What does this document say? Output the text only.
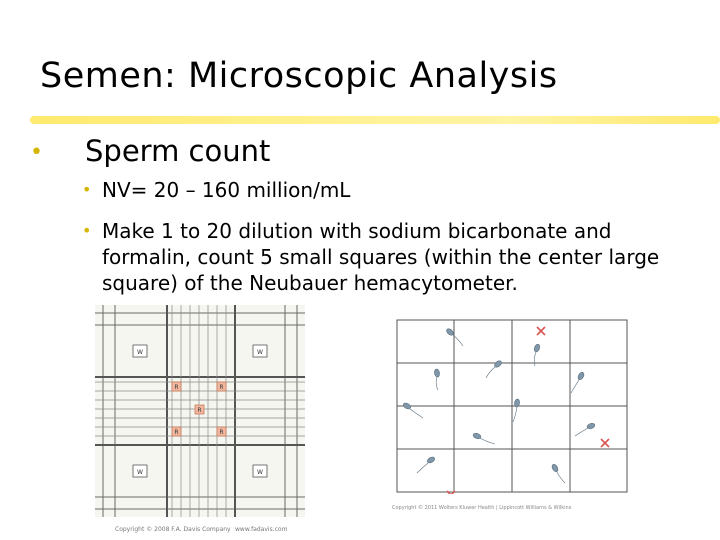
Semen: Microscopic Analysis
• Sperm count
• NV= 20 – 160 million/mL
• Make 1 to 20 dilution with sodium bicarbonate and formalin, count 5 small squares (within the center large square) of the Neubauer hemacytometer.
W	W
W	W
R	R
R
R	R
Copyright © 2008 F.A. Davis Company www.fadavis.com
Copyright © 2011 Wolters Kluwer Health | Lippincott Williams & Wilkins
